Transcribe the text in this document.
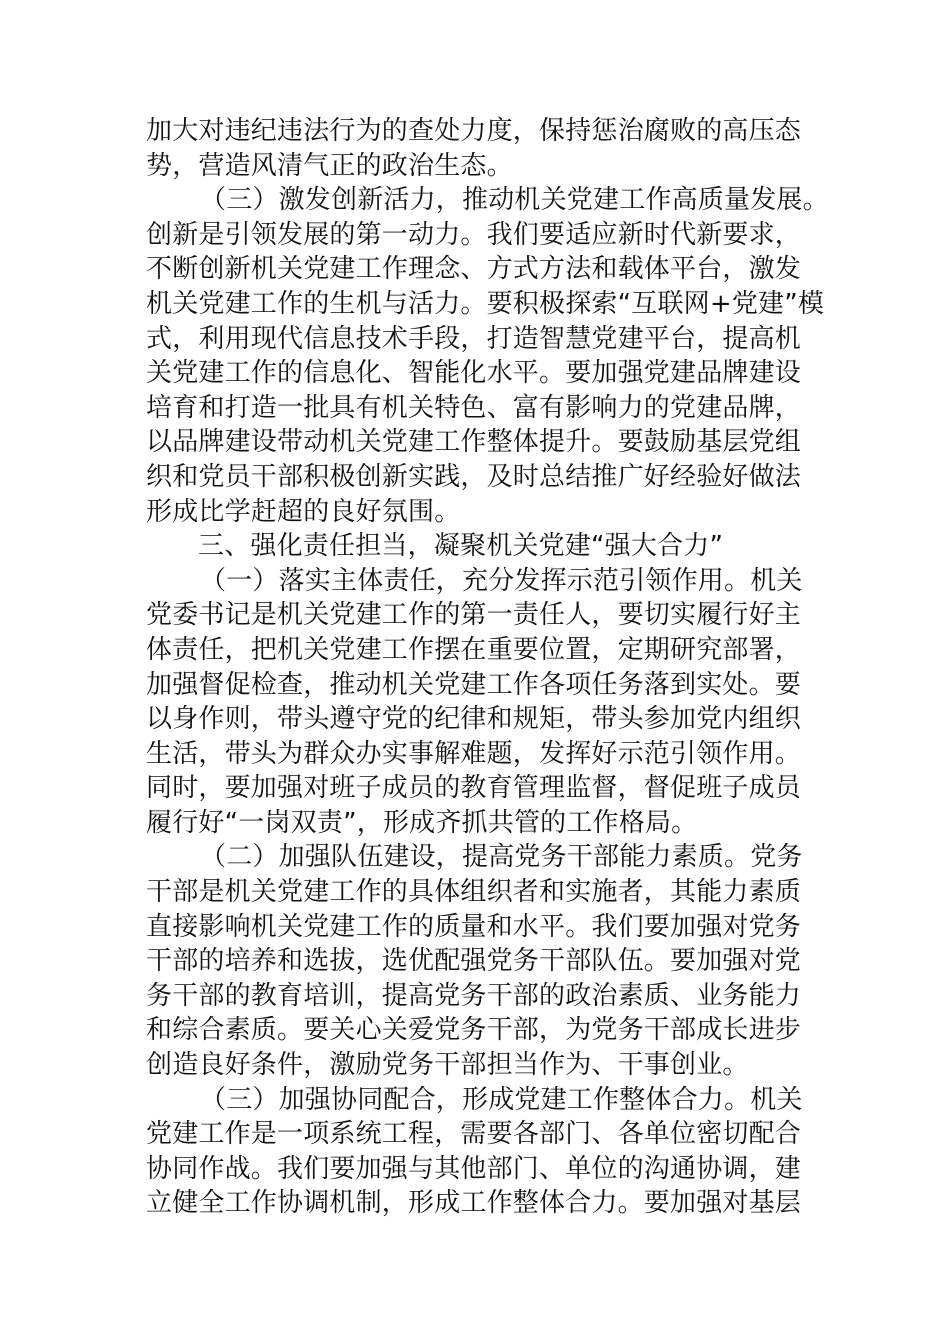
加大对违纪违法行为的查处力度，保持惩治腐败的高压态
势，营造风清气正的政治生态。
（三）激发创新活力，推动机关党建工作高质量发展。
创新是引领发展的第一动力。我们要适应新时代新要求，
不断创新机关党建工作理念、方式方法和载体平台，激发
机关党建工作的生机与活力。要积极探索“互联网+党建”模
式，利用现代信息技术手段，打造智慧党建平台，提高机
关党建工作的信息化、智能化水平。要加强党建品牌建设
培育和打造一批具有机关特色、富有影响力的党建品牌，
以品牌建设带动机关党建工作整体提升。要鼓励基层党组
织和党员干部积极创新实践，及时总结推广好经验好做法
形成比学赶超的良好氛围。
三、强化责任担当，凝聚机关党建“强大合力”
（一）落实主体责任，充分发挥示范引领作用。机关
党委书记是机关党建工作的第一责任人，要切实履行好主
体责任，把机关党建工作摆在重要位置，定期研究部署，
加强督促检查，推动机关党建工作各项任务落到实处。要
以身作则，带头遵守党的纪律和规矩，带头参加党内组织
生活，带头为群众办实事解难题，发挥好示范引领作用。
同时，要加强对班子成员的教育管理监督，督促班子成员
履行好“一岗双责”，形成齐抓共管的工作格局。
（二）加强队伍建设，提高党务干部能力素质。党务
干部是机关党建工作的具体组织者和实施者，其能力素质
直接影响机关党建工作的质量和水平。我们要加强对党务
干部的培养和选拔，选优配强党务干部队伍。要加强对党
务干部的教育培训，提高党务干部的政治素质、业务能力
和综合素质。要关心关爱党务干部，为党务干部成长进步
创造良好条件，激励党务干部担当作为、干事创业。
（三）加强协同配合，形成党建工作整体合力。机关
党建工作是一项系统工程，需要各部门、各单位密切配合
协同作战。我们要加强与其他部门、单位的沟通协调，建
立健全工作协调机制，形成工作整体合力。要加强对基层
